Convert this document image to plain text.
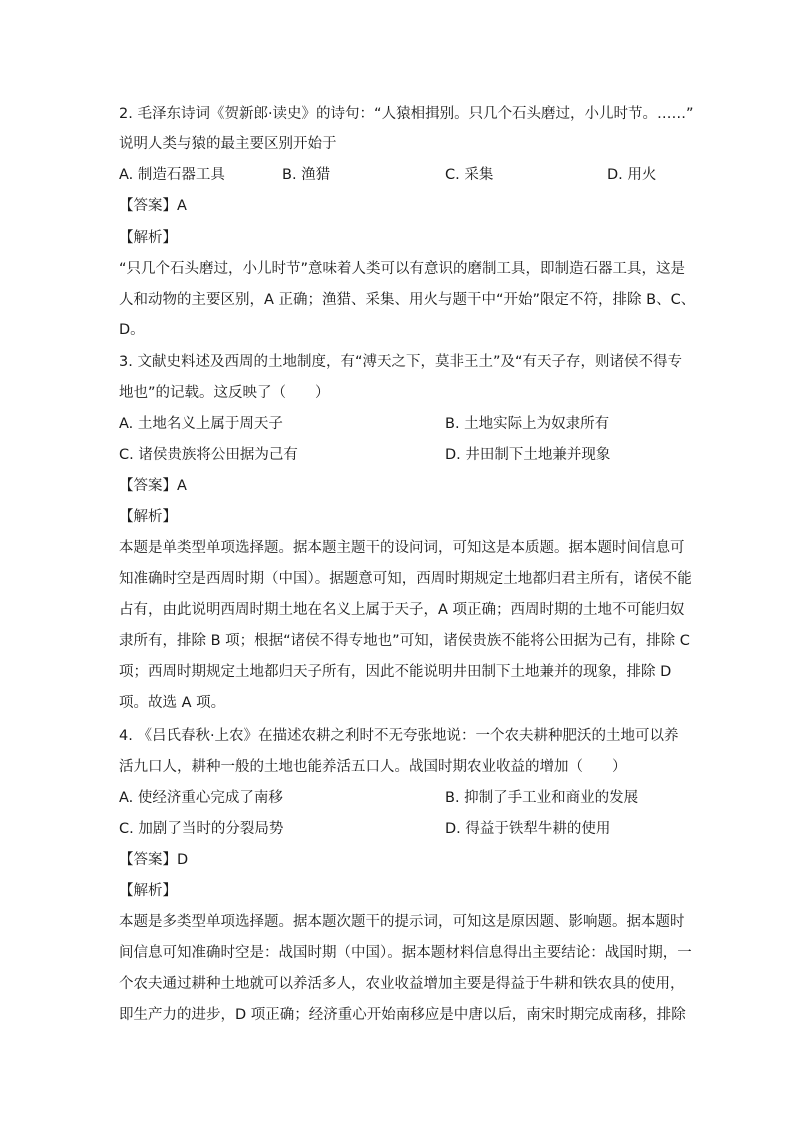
2. 毛泽东诗词《贺新郎·读史》的诗句：“人猿相揖别。只几个石头磨过，小儿时节。……”
说明人类与猿的最主要区别开始于
A. 制造石器工具	B. 渔猎	C. 采集	D. 用火
【答案】A
【解析】
“只几个石头磨过，小儿时节”意味着人类可以有意识的磨制工具，即制造石器工具，这是
人和动物的主要区别，A 正确；渔猎、采集、用火与题干中“开始”限定不符，排除 B、C、
D。
3. 文献史料述及西周的土地制度，有“溥天之下，莫非王土”及“有天子存，则诸侯不得专
地也”的记载。这反映了（　　）
A. 土地名义上属于周天子	B. 土地实际上为奴隶所有
C. 诸侯贵族将公田据为己有	D. 井田制下土地兼并现象
【答案】A
【解析】
本题是单类型单项选择题。据本题主题干的设问词，可知这是本质题。据本题时间信息可
知准确时空是西周时期（中国）。据题意可知，西周时期规定土地都归君主所有，诸侯不能
占有，由此说明西周时期土地在名义上属于天子，A 项正确；西周时期的土地不可能归奴
隶所有，排除 B 项；根据“诸侯不得专地也”可知，诸侯贵族不能将公田据为己有，排除 C
项；西周时期规定土地都归天子所有，因此不能说明井田制下土地兼并的现象，排除 D
项。故选 A 项。
4. 《吕氏春秋·上农》在描述农耕之利时不无夸张地说：一个农夫耕种肥沃的土地可以养
活九口人，耕种一般的土地也能养活五口人。战国时期农业收益的增加（　　）
A. 使经济重心完成了南移	B. 抑制了手工业和商业的发展
C. 加剧了当时的分裂局势	D. 得益于铁犁牛耕的使用
【答案】D
【解析】
本题是多类型单项选择题。据本题次题干的提示词，可知这是原因题、影响题。据本题时
间信息可知准确时空是：战国时期（中国）。据本题材料信息得出主要结论：战国时期，一
个农夫通过耕种土地就可以养活多人，农业收益增加主要是得益于牛耕和铁农具的使用，
即生产力的进步，D 项正确；经济重心开始南移应是中唐以后，南宋时期完成南移，排除
